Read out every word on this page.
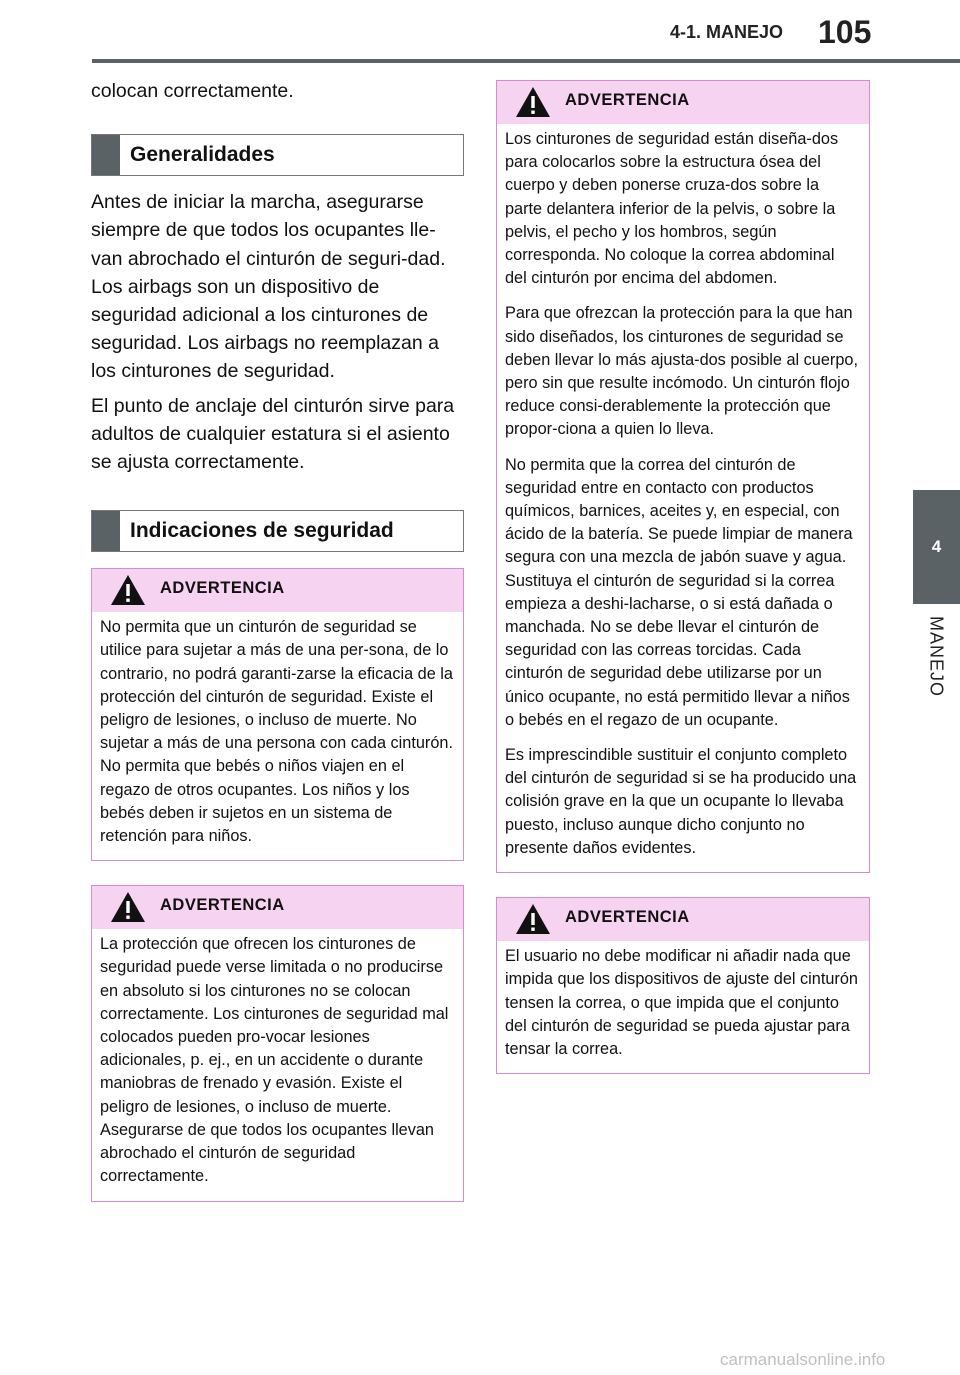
4-1. MANEJO 105
4
MANEJO

colocan correctamente.

Generalidades

Antes de iniciar la marcha, asegurarse siempre de que todos los ocupantes lle-van abrochado el cinturón de seguri-dad. Los airbags son un dispositivo de seguridad adicional a los cinturones de seguridad. Los airbags no reemplazan a los cinturones de seguridad.

El punto de anclaje del cinturón sirve para adultos de cualquier estatura si el asiento se ajusta correctamente.

Indicaciones de seguridad
ADVERTENCIA

No permita que un cinturón de seguridad se utilice para sujetar a más de una per-sona, de lo contrario, no podrá garanti-zarse la eficacia de la protección del cinturón de seguridad. Existe el peligro de lesiones, o incluso de muerte. No sujetar a más de una persona con cada cinturón. No permita que bebés o niños viajen en el regazo de otros ocupantes. Los niños y los bebés deben ir sujetos en un sistema de retención para niños.

ADVERTENCIA

La protección que ofrecen los cinturones de seguridad puede verse limitada o no producirse en absoluto si los cinturones no se colocan correctamente. Los cinturones de seguridad mal colocados pueden pro-vocar lesiones adicionales, p. ej., en un accidente o durante maniobras de frenado y evasión. Existe el peligro de lesiones, o incluso de muerte. Asegurarse de que todos los ocupantes llevan abrochado el cinturón de seguridad correctamente.

ADVERTENCIA

Los cinturones de seguridad están diseña-dos para colocarlos sobre la estructura ósea del cuerpo y deben ponerse cruza-dos sobre la parte delantera inferior de la pelvis, o sobre la pelvis, el pecho y los hombros, según corresponda. No coloque la correa abdominal del cinturón por encima del abdomen.

Para que ofrezcan la protección para la que han sido diseñados, los cinturones de seguridad se deben llevar lo más ajusta-dos posible al cuerpo, pero sin que resulte incómodo. Un cinturón flojo reduce consi-derablemente la protección que propor-ciona a quien lo lleva.

No permita que la correa del cinturón de seguridad entre en contacto con productos químicos, barnices, aceites y, en especial, con ácido de la batería. Se puede limpiar de manera segura con una mezcla de jabón suave y agua. Sustituya el cinturón de seguridad si la correa empieza a deshi-lacharse, o si está dañada o manchada. No se debe llevar el cinturón de seguridad con las correas torcidas. Cada cinturón de seguridad debe utilizarse por un único ocupante, no está permitido llevar a niños o bebés en el regazo de un ocupante.

Es imprescindible sustituir el conjunto completo del cinturón de seguridad si se ha producido una colisión grave en la que un ocupante lo llevaba puesto, incluso aunque dicho conjunto no presente daños evidentes.

ADVERTENCIA

El usuario no debe modificar ni añadir nada que impida que los dispositivos de ajuste del cinturón tensen la correa, o que impida que el conjunto del cinturón de seguridad se pueda ajustar para tensar la correa.

carmanualsonline.info
